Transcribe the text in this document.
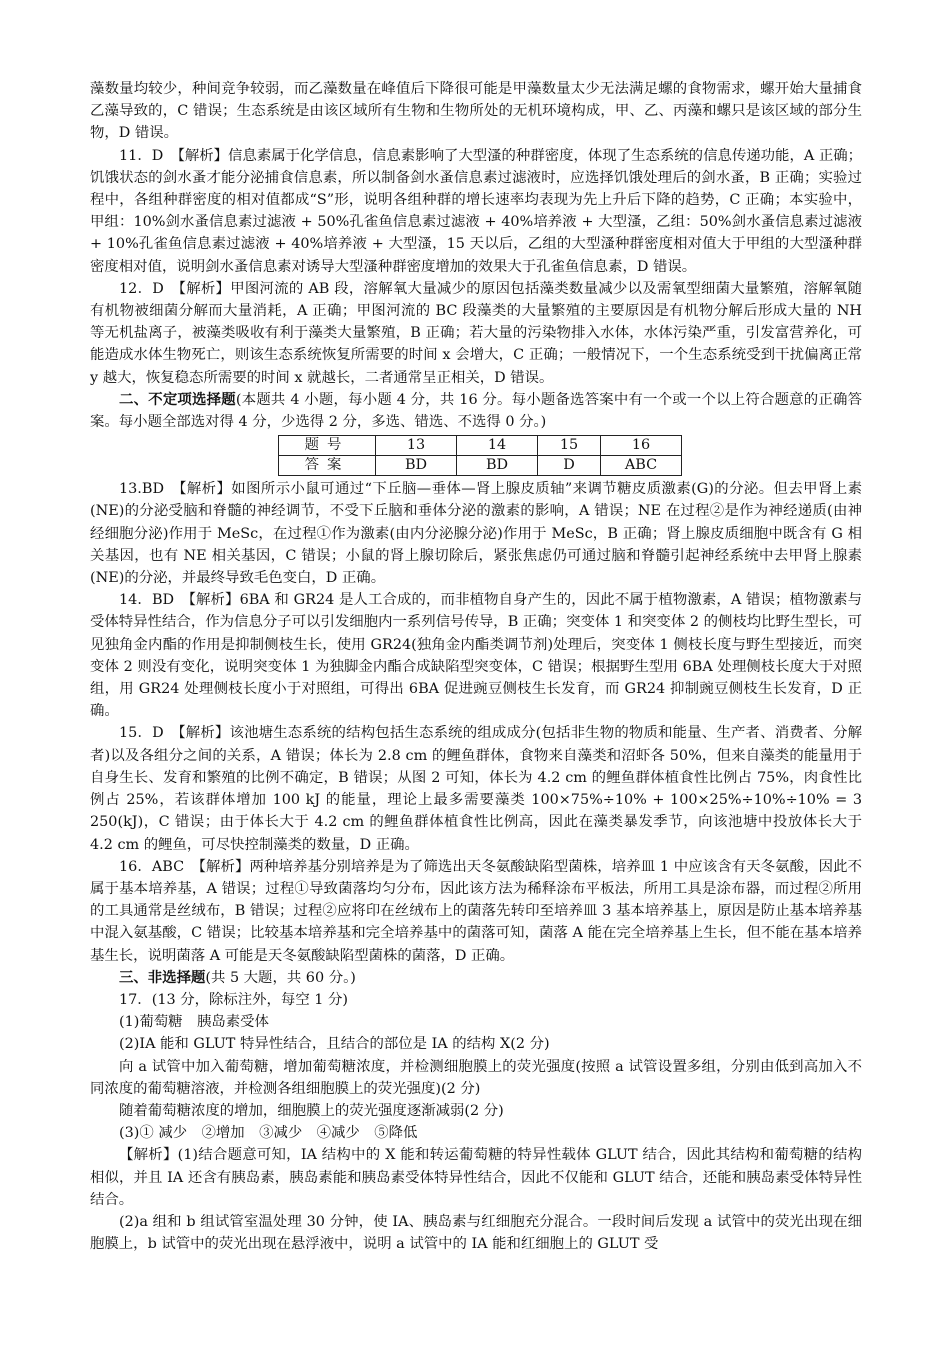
藻数量均较少，种间竞争较弱，而乙藻数量在峰值后下降很可能是甲藻数量太少无法满足螺的食物需求，螺开始大量捕食乙藻导致的，C 错误；生态系统是由该区域所有生物和生物所处的无机环境构成，甲、乙、丙藻和螺只是该区域的部分生物，D 错误。

11．D　【解析】信息素属于化学信息，信息素影响了大型溞的种群密度，体现了生态系统的信息传递功能，A 正确；饥饿状态的剑水蚤才能分泌捕食信息素，所以制备剑水蚤信息素过滤液时，应选择饥饿处理后的剑水蚤，B 正确；实验过程中，各组种群密度的相对值都成“S”形，说明各组种群的增长速率均表现为先上升后下降的趋势，C 正确；本实验中，甲组：10%剑水蚤信息素过滤液 + 50%孔雀鱼信息素过滤液 + 40%培养液 + 大型溞，乙组：50%剑水蚤信息素过滤液 + 10%孔雀鱼信息素过滤液 + 40%培养液 + 大型溞，15 天以后，乙组的大型溞种群密度相对值大于甲组的大型溞种群密度相对值，说明剑水蚤信息素对诱导大型溞种群密度增加的效果大于孔雀鱼信息素，D 错误。

12．D　【解析】甲图河流的 AB 段，溶解氧大量减少的原因包括藻类数量减少以及需氧型细菌大量繁殖，溶解氧随有机物被细菌分解而大量消耗，A 正确；甲图河流的 BC 段藻类的大量繁殖的主要原因是有机物分解后形成大量的 NH　等无机盐离子，被藻类吸收有利于藻类大量繁殖，B 正确；若大量的污染物排入水体，水体污染严重，引发富营养化，可能造成水体生物死亡，则该生态系统恢复所需要的时间 x 会增大，C 正确；一般情况下，一个生态系统受到干扰偏离正常 y 越大，恢复稳态所需要的时间 x 就越长，二者通常呈正相关，D 错误。

二、不定项选择题(本题共 4 小题，每小题 4 分，共 16 分。每小题备选答案中有一个或一个以上符合题意的正确答案。每小题全部选对得 4 分，少选得 2 分，多选、错选、不选得 0 分。)

题号	13	14	15	16
答案	BD	BD	D	ABC

13.BD　【解析】如图所示小鼠可通过“下丘脑—垂体—肾上腺皮质轴”来调节糖皮质激素(G)的分泌。但去甲肾上素(NE)的分泌受脑和脊髓的神经调节，不受下丘脑和垂体分泌的激素的影响，A 错误；NE 在过程②是作为神经递质(由神经细胞分泌)作用于 MeSc，在过程①作为激素(由内分泌腺分泌)作用于 MeSc，B 正确；肾上腺皮质细胞中既含有 G 相关基因，也有 NE 相关基因，C 错误；小鼠的肾上腺切除后，紧张焦虑仍可通过脑和脊髓引起神经系统中去甲肾上腺素(NE)的分泌，并最终导致毛色变白，D 正确。

14．BD　【解析】6BA 和 GR24 是人工合成的，而非植物自身产生的，因此不属于植物激素，A 错误；植物激素与受体特异性结合，作为信息分子可以引发细胞内一系列信号传导，B 正确；突变体 1 和突变体 2 的侧枝均比野生型长，可见独角金内酯的作用是抑制侧枝生长，使用 GR24(独角金内酯类调节剂)处理后，突变体 1 侧枝长度与野生型接近，而突变体 2 则没有变化，说明突变体 1 为独脚金内酯合成缺陷型突变体，C 错误；根据野生型用 6BA 处理侧枝长度大于对照组，用 GR24 处理侧枝长度小于对照组，可得出 6BA 促进豌豆侧枝生长发育，而 GR24 抑制豌豆侧枝生长发育，D 正确。

15．D　【解析】该池塘生态系统的结构包括生态系统的组成成分(包括非生物的物质和能量、生产者、消费者、分解者)以及各组分之间的关系，A 错误；体长为 2.8 cm 的鲤鱼群体，食物来自藻类和沼虾各 50%，但来自藻类的能量用于自身生长、发育和繁殖的比例不确定，B 错误；从图 2 可知，体长为 4.2 cm 的鲤鱼群体植食性比例占 75%，肉食性比例占 25%，若该群体增加 100 kJ 的能量，理论上最多需要藻类 100×75%÷10% + 100×25%÷10%÷10% = 3 250(kJ)，C 错误；由于体长大于 4.2 cm 的鲤鱼群体植食性比例高，因此在藻类暴发季节，向该池塘中投放体长大于 4.2 cm 的鲤鱼，可尽快控制藻类的数量，D 正确。

16．ABC　【解析】两种培养基分别培养是为了筛选出天冬氨酸缺陷型菌株，培养皿 1 中应该含有天冬氨酸，因此不属于基本培养基，A 错误；过程①导致菌落均匀分布，因此该方法为稀释涂布平板法，所用工具是涂布器，而过程②所用的工具通常是丝绒布，B 错误；过程②应将印在丝绒布上的菌落先转印至培养皿 3 基本培养基上，原因是防止基本培养基中混入氨基酸，C 错误；比较基本培养基和完全培养基中的菌落可知，菌落 A 能在完全培养基上生长，但不能在基本培养基生长，说明菌落 A 可能是天冬氨酸缺陷型菌株的菌落，D 正确。

三、非选择题(共 5 大题，共 60 分。)

17．(13 分，除标注外，每空 1 分)

(1)葡萄糖　胰岛素受体

(2)IA 能和 GLUT 特异性结合，且结合的部位是 IA 的结构 X(2 分)

向 a 试管中加入葡萄糖，增加葡萄糖浓度，并检测细胞膜上的荧光强度(按照 a 试管设置多组，分别由低到高加入不同浓度的葡萄糖溶液，并检测各组细胞膜上的荧光强度)(2 分)

随着葡萄糖浓度的增加，细胞膜上的荧光强度逐渐减弱(2 分)

(3)① 减少　②增加　③减少　④减少　⑤降低

【解析】(1)结合题意可知，IA 结构中的 X 能和转运葡萄糖的特异性载体 GLUT 结合，因此其结构和葡萄糖的结构相似，并且 IA 还含有胰岛素，胰岛素能和胰岛素受体特异性结合，因此不仅能和 GLUT 结合，还能和胰岛素受体特异性结合。

(2)a 组和 b 组试管室温处理 30 分钟，使 IA、胰岛素与红细胞充分混合。一段时间后发现 a 试管中的荧光出现在细胞膜上，b 试管中的荧光出现在悬浮液中，说明 a 试管中的 IA 能和红细胞上的 GLUT 受
